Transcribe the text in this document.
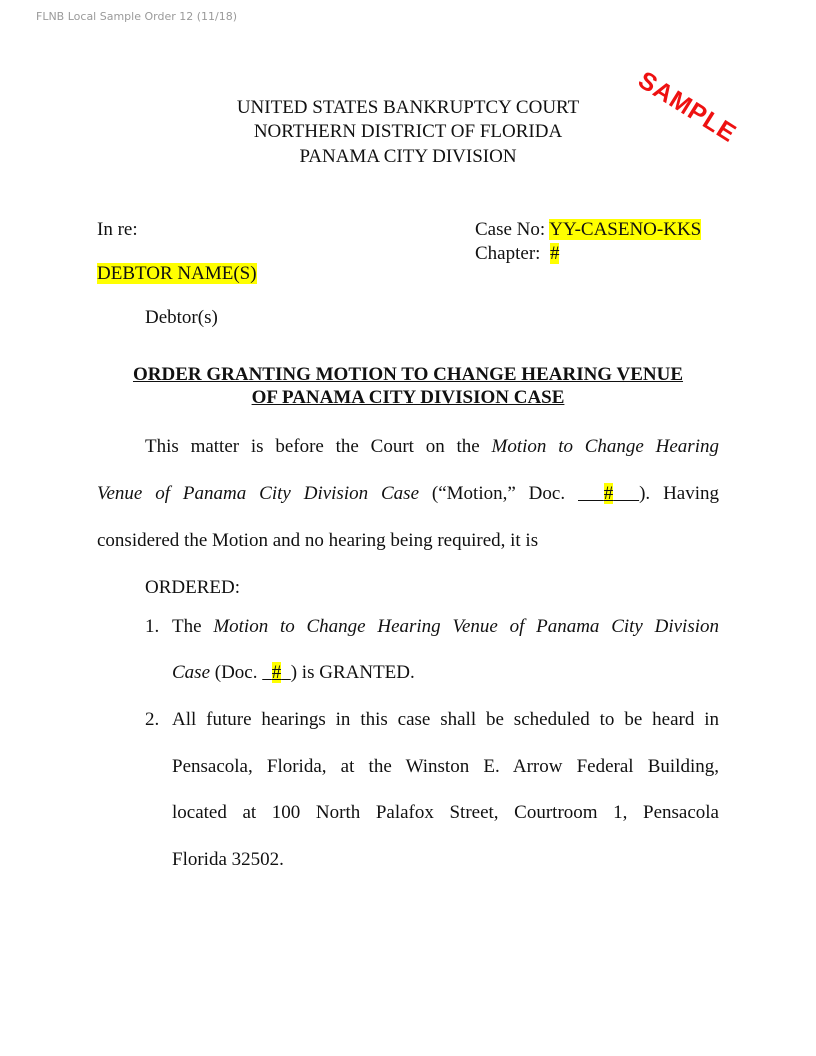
FLNB Local Sample Order 12 (11/18)
SAMPLE
UNITED STATES BANKRUPTCY COURT
NORTHERN DISTRICT OF FLORIDA
PANAMA CITY DIVISION
In re:	Case No: YY-CASENO-KKS
Chapter: #
DEBTOR NAME(S)
Debtor(s)
ORDER GRANTING MOTION TO CHANGE HEARING VENUE
OF PANAMA CITY DIVISION CASE
This matter is before the Court on the Motion to Change Hearing
Venue of Panama City Division Case (“Motion,” Doc.   # ). Having
considered the Motion and no hearing being required, it is
ORDERED:
1. The Motion to Change Hearing Venue of Panama City Division
Case (Doc.   # ) is GRANTED.
2. All future hearings in this case shall be scheduled to be heard in
Pensacola, Florida, at the Winston E. Arrow Federal Building,
located at 100 North Palafox Street, Courtroom 1, Pensacola
Florida 32502.
